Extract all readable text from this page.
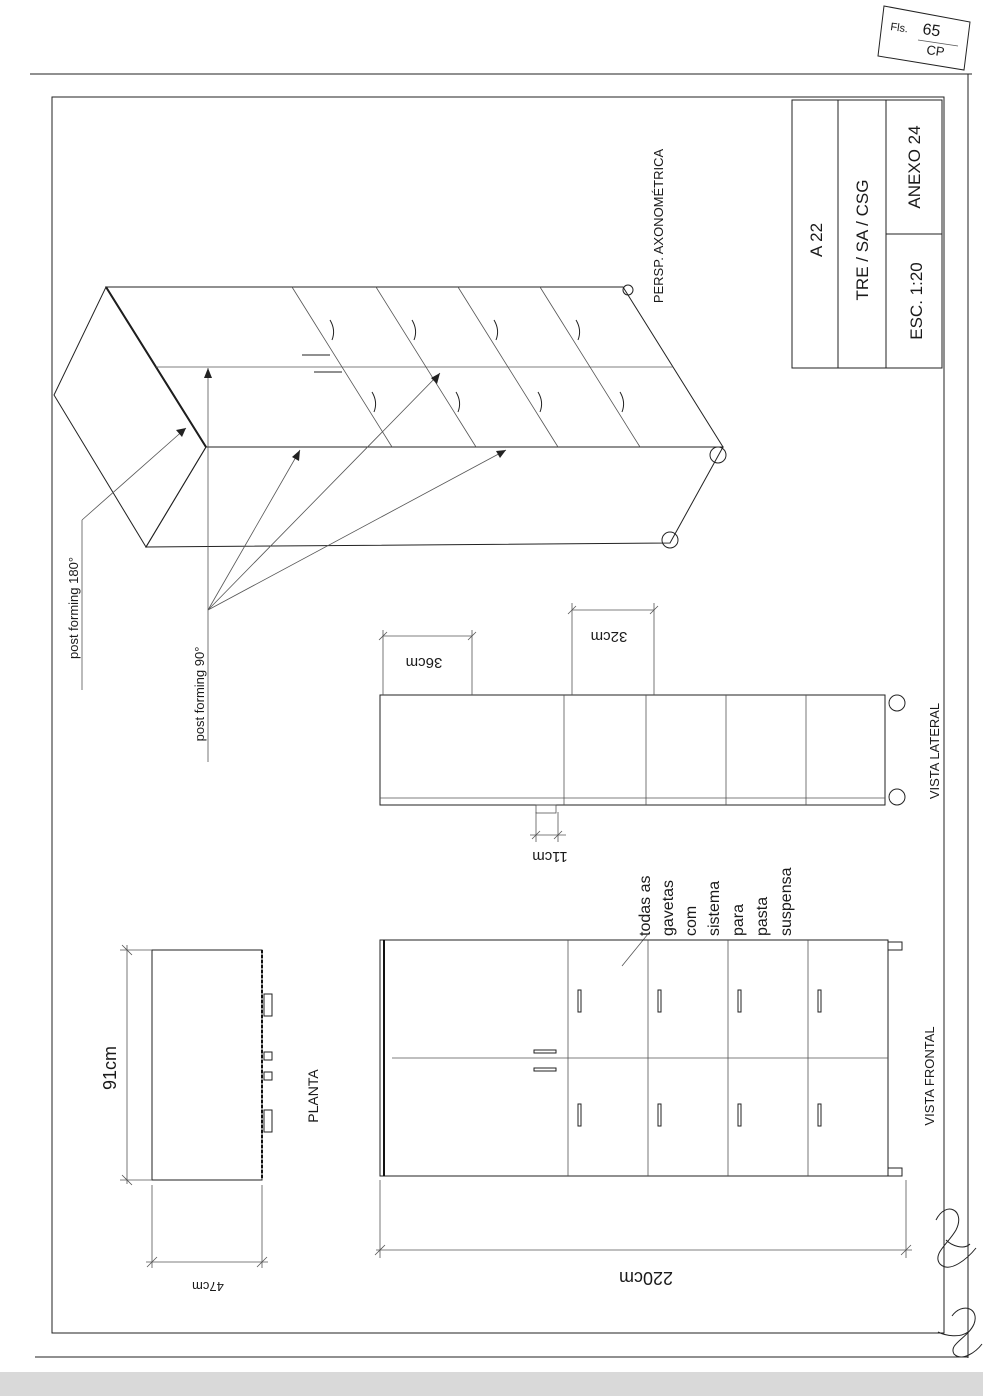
Fls. 65
CP
A 22 TRE / SA / CSG
ANEXO 24
ESC. 1:20
PERSP. AXONOMÉTRICA
post forming 180°
post forming 90°
VISTA LATERAL
36cm
32cm
11cm
todas as gavetas com sistema para pasta suspensa
VISTA FRONTAL
PLANTA
91cm
47cm	220cm
